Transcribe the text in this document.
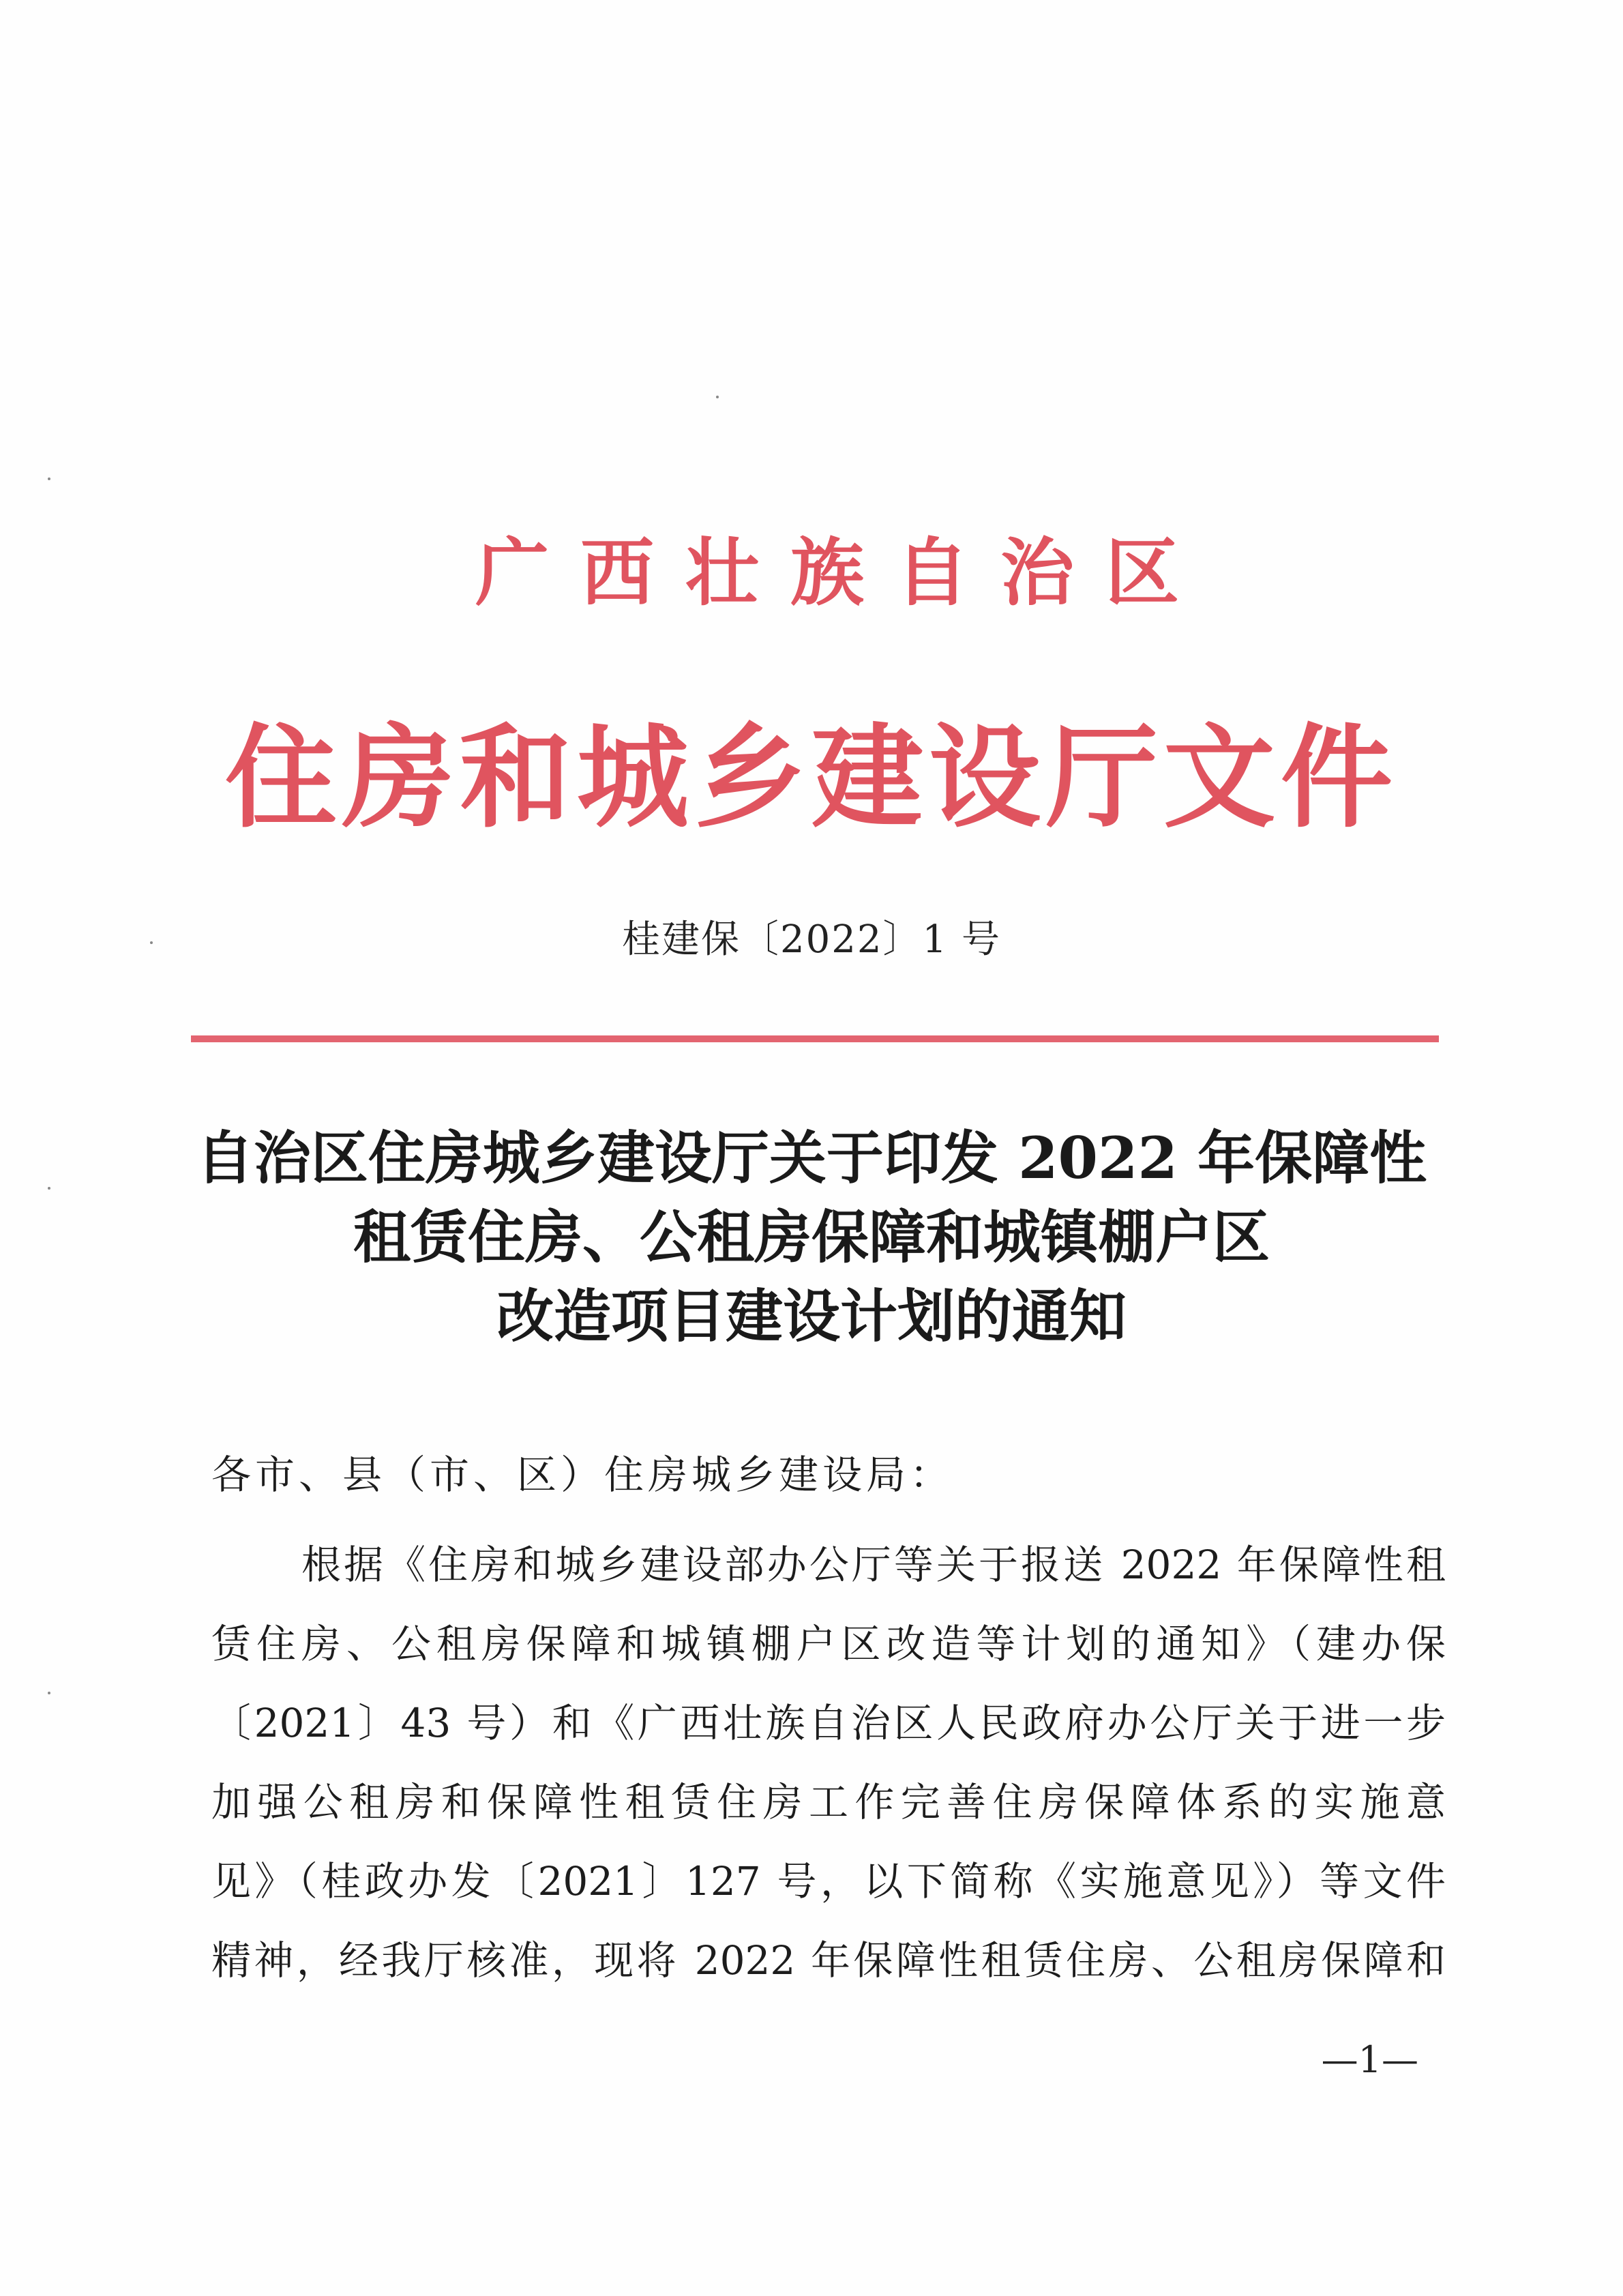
广西壮族自治区
住房和城乡建设厅文件
桂建保〔2022〕1 号
自治区住房城乡建设厅关于印发 2022 年保障性
租赁住房、公租房保障和城镇棚户区
改造项目建设计划的通知
各市、县（市、区）住房城乡建设局：
根据《住房和城乡建设部办公厅等关于报送 2022 年保障性租
赁住房、公租房保障和城镇棚户区改造等计划的通知》（建办保
〔2021〕43 号）和《广西壮族自治区人民政府办公厅关于进一步
加强公租房和保障性租赁住房工作完善住房保障体系的实施意
见》（桂政办发〔2021〕127 号，以下简称《实施意见》）等文件
精神，经我厅核准，现将 2022 年保障性租赁住房、公租房保障和
—1—
